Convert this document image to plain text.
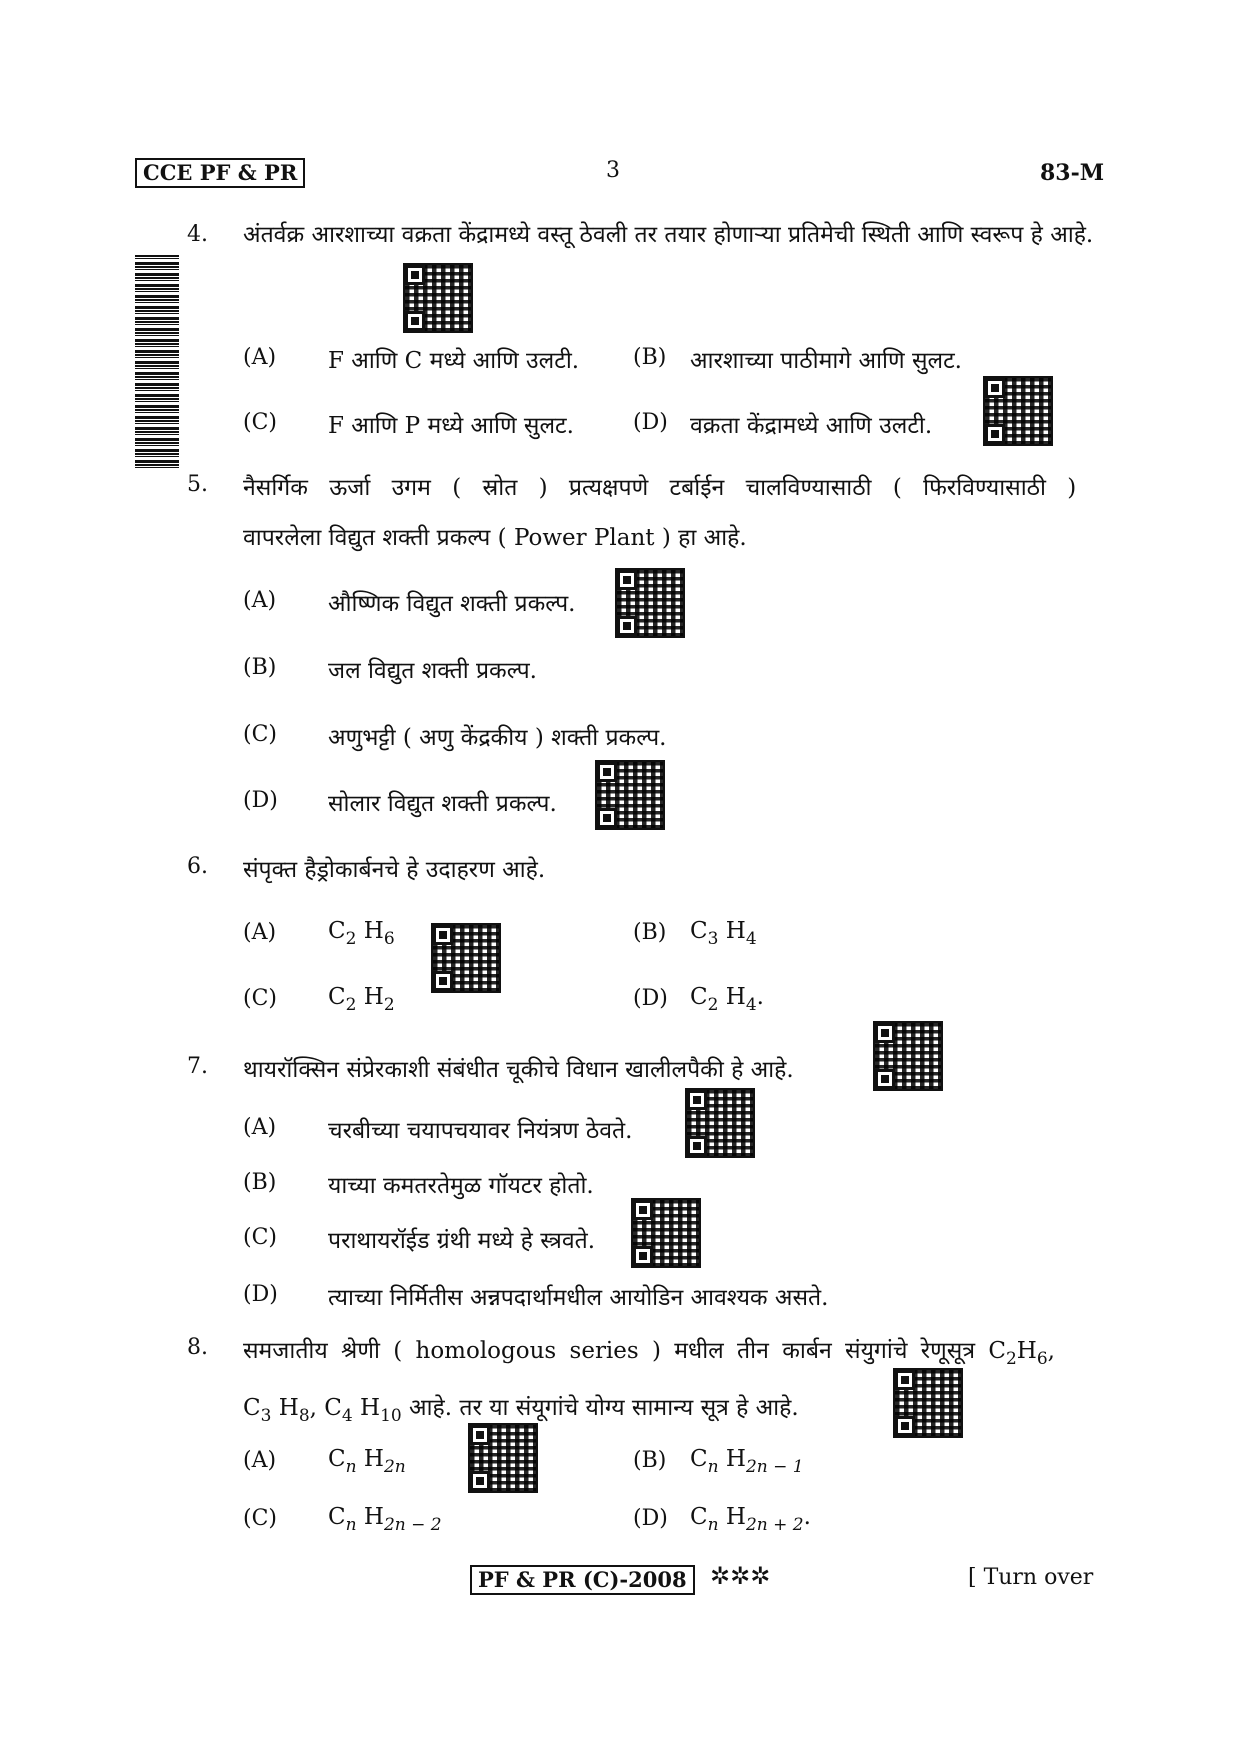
CCE PF & PR	3	83-M
4. अंतर्वक्र आरशाच्या वक्रता केंद्रामध्ये वस्तू ठेवली तर तयार होणाऱ्या प्रतिमेची स्थिती आणि स्वरूप हे आहे.
(A) F आणि C मध्ये आणि उलटी. (B) आरशाच्या पाठीमागे आणि सुलट.
(C) F आणि P मध्ये आणि सुलट.	(D) वक्रता केंद्रामध्ये आणि उलटी.
5. नैसर्गिक ऊर्जा उगम ( स्रोत ) प्रत्यक्षपणे टर्बाईन चालविण्यासाठी ( फिरविण्यासाठी )
वापरलेला विद्युत शक्ती प्रकल्प ( Power Plant ) हा आहे.
(A) औष्णिक विद्युत शक्ती प्रकल्प.
(B) जल विद्युत शक्ती प्रकल्प.
(C) अणुभट्टी ( अणु केंद्रकीय ) शक्ती प्रकल्प.
(D) सोलार विद्युत शक्ती प्रकल्प.
6. संपृक्त हैड्रोकार्बनचे हे उदाहरण आहे.
(A) $C_2$ $H_6$	(B) $C_3$ $H_4$
(C) $C_2$ $H_2$	(D) $C_2$ $H_4$.
7. थायरॉक्सिन संप्रेरकाशी संबंधीत चूकीचे विधान खालीलपैकी हे आहे.
(A) चरबीच्या चयापचयावर नियंत्रण ठेवते.
(B) याच्या कमतरतेमुळ गॉयटर होतो.
(C) पराथायरॉईड ग्रंथी मध्ये हे स्त्रवते.
(D) त्याच्या निर्मितीस अन्नपदार्थामधील आयोडिन आवश्यक असते.
8. समजातीय श्रेणी ( homologous series ) मधील तीन कार्बन संयुगांचे रेणूसूत्र $C_2H_6$,
$C_3$ $H_8$, $C_4$ $H_{10}$ आहे. तर या संयूगांचे योग्य सामान्य सूत्र हे आहे.
(A) $C_n$ $H_{2n}$	(B) $C_n$ $H_{2n - 1}$
(C) $C_n$ $H_{2n - 2}$	(D) $C_n$ $H_{2n + 2}$.
PF & PR (C)-2008 ✲✲✲	[ Turn over
